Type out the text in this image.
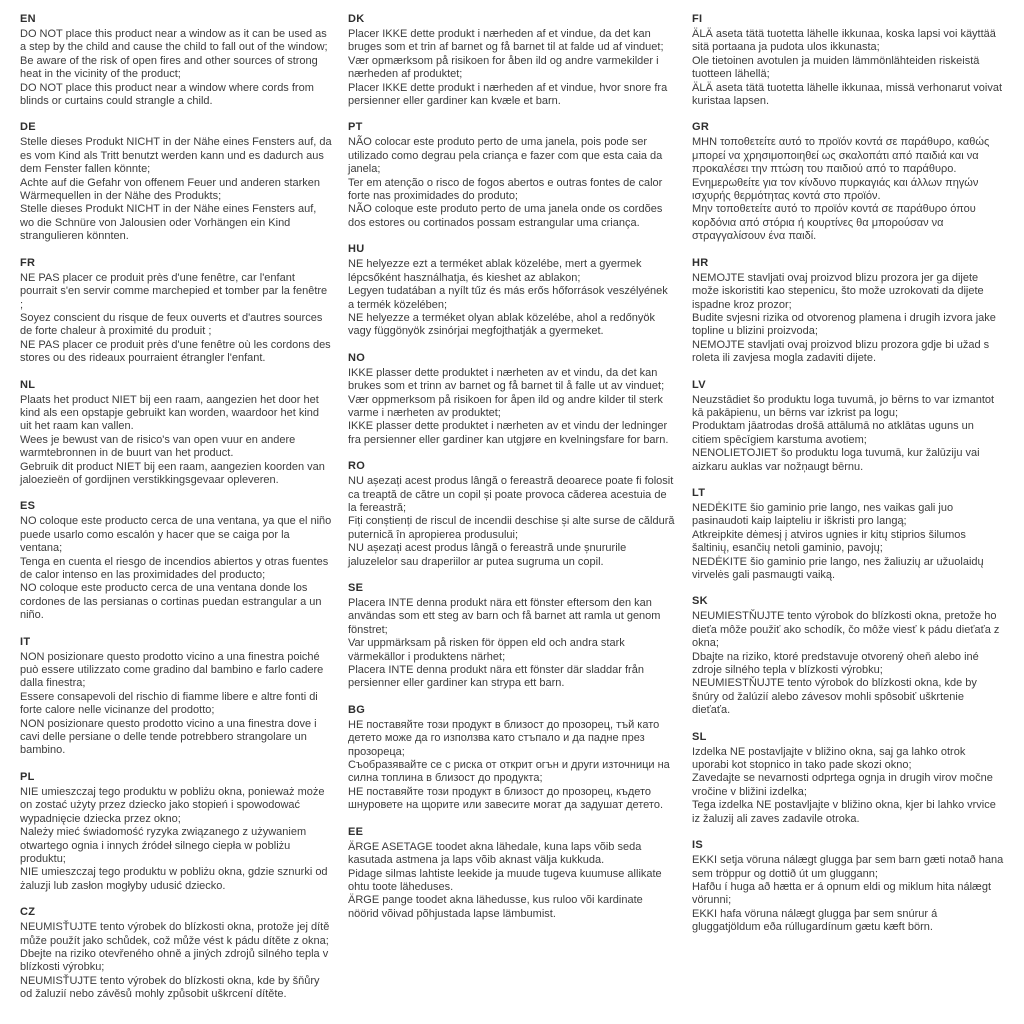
EN

DO NOT place this product near a window as it can be used as a step by the child and cause the child to fall out of the window;

Be aware of the risk of open fires and other sources of strong heat in the vicinity of the product;

DO NOT place this product near a window where cords from blinds or curtains could strangle a child.

DE

Stelle dieses Produkt NICHT in der Nähe eines Fensters auf, da es vom Kind als Tritt benutzt werden kann und es dadurch aus dem Fenster fallen könnte;

Achte auf die Gefahr von offenem Feuer und anderen starken Wärmequellen in der Nähe des Produkts;

Stelle dieses Produkt NICHT in der Nähe eines Fensters auf, wo die Schnüre von Jalousien oder Vorhängen ein Kind strangulieren könnten.

FR

NE PAS placer ce produit près d'une fenêtre, car l'enfant pourrait s'en servir comme marchepied et tomber par la fenêtre ;

Soyez conscient du risque de feux ouverts et d'autres sources de forte chaleur à proximité du produit ;

NE PAS placer ce produit près d'une fenêtre où les cordons des stores ou des rideaux pourraient étrangler l'enfant.

NL

Plaats het product NIET bij een raam, aangezien het door het kind als een opstapje gebruikt kan worden, waardoor het kind uit het raam kan vallen.

Wees je bewust van de risico's van open vuur en andere warmtebronnen in de buurt van het product.

Gebruik dit product NIET bij een raam, aangezien koorden van jaloezieën of gordijnen verstikkingsgevaar opleveren.

ES

NO coloque este producto cerca de una ventana, ya que el niño puede usarlo como escalón y hacer que se caiga por la ventana;

Tenga en cuenta el riesgo de incendios abiertos y otras fuentes de calor intenso en las proximidades del producto;

NO coloque este producto cerca de una ventana donde los cordones de las persianas o cortinas puedan estrangular a un niño.

IT

NON posizionare questo prodotto vicino a una finestra poiché può essere utilizzato come gradino dal bambino e farlo cadere dalla finestra;

Essere consapevoli del rischio di fiamme libere e altre fonti di forte calore nelle vicinanze del prodotto;

NON posizionare questo prodotto vicino a una finestra dove i cavi delle persiane o delle tende potrebbero strangolare un bambino.

PL

NIE umieszczaj tego produktu w pobliżu okna, ponieważ może on zostać użyty przez dziecko jako stopień i spowodować wypadnięcie dziecka przez okno;

Należy mieć świadomość ryzyka związanego z używaniem otwartego ognia i innych źródeł silnego ciepła w pobliżu produktu;

NIE umieszczaj tego produktu w pobliżu okna, gdzie sznurki od żaluzji lub zasłon mogłyby udusić dziecko.

CZ

NEUMISŤUJTE tento výrobek do blízkosti okna, protože jej dítě může použít jako schůdek, což může vést k pádu dítěte z okna;

Dbejte na riziko otevřeného ohně a jiných zdrojů silného tepla v blízkosti výrobku;

NEUMISŤUJTE tento výrobek do blízkosti okna, kde by šňůry od žaluzií nebo závěsů mohly způsobit uškrcení dítěte.

DK

Placer IKKE dette produkt i nærheden af et vindue, da det kan bruges som et trin af barnet og få barnet til at falde ud af vinduet;

Vær opmærksom på risikoen for åben ild og andre varmekilder i nærheden af produktet;

Placer IKKE dette produkt i nærheden af et vindue, hvor snore fra persienner eller gardiner kan kvæle et barn.

PT

NÃO colocar este produto perto de uma janela, pois pode ser utilizado como degrau pela criança e fazer com que esta caia da janela;

Ter em atenção o risco de fogos abertos e outras fontes de calor forte nas proximidades do produto;

NÃO coloque este produto perto de uma janela onde os cordões dos estores ou cortinados possam estrangular uma criança.

HU

NE helyezze ezt a terméket ablak közelébe, mert a gyermek lépcsőként használhatja, és kieshet az ablakon;

Legyen tudatában a nyílt tűz és más erős hőforrások veszélyének a termék közelében;

NE helyezze a terméket olyan ablak közelébe, ahol a redőnyök vagy függönyök zsinórjai megfojthatják a gyermeket.

NO

IKKE plasser dette produktet i nærheten av et vindu, da det kan brukes som et trinn av barnet og få barnet til å falle ut av vinduet;

Vær oppmerksom på risikoen for åpen ild og andre kilder til sterk varme i nærheten av produktet;

IKKE plasser dette produktet i nærheten av et vindu der ledninger fra persienner eller gardiner kan utgjøre en kvelningsfare for barn.

RO

NU așezați acest produs lângă o fereastră deoarece poate fi folosit ca treaptă de către un copil și poate provoca căderea acestuia de la fereastră;

Fiți conștienți de riscul de incendii deschise și alte surse de căldură puternică în apropierea produsului;

NU așezați acest produs lângă o fereastră unde șnururile jaluzelelor sau draperiilor ar putea sugruma un copil.

SE

Placera INTE denna produkt nära ett fönster eftersom den kan användas som ett steg av barn och få barnet att ramla ut genom fönstret;

Var uppmärksam på risken för öppen eld och andra stark värmekällor i produktens närhet;

Placera INTE denna produkt nära ett fönster där sladdar från persienner eller gardiner kan strypa ett barn.

BG

НЕ поставяйте този продукт в близост до прозорец, тъй като детето може да го използва като стъпало и да падне през прозореца;

Съобразявайте се с риска от открит огън и други източници на силна топлина в близост до продукта;

НЕ поставяйте този продукт в близост до прозорец, където шнуровете на щорите или завесите могат да задушат детето.

EE

ÄRGE ASETAGE toodet akna lähedale, kuna laps võib seda kasutada astmena ja laps võib aknast välja kukkuda.

Pidage silmas lahtiste leekide ja muude tugeva kuumuse allikate ohtu toote läheduses.

ÄRGE pange toodet akna lähedusse, kus ruloo või kardinate nöörid võivad põhjustada lapse lämbumist.

FI

ÄLÄ aseta tätä tuotetta lähelle ikkunaa, koska lapsi voi käyttää sitä portaana ja pudota ulos ikkunasta;

Ole tietoinen avotulen ja muiden lämmönlähteiden riskeistä tuotteen lähellä;

ÄLÄ aseta tätä tuotetta lähelle ikkunaa, missä verhonarut voivat kuristaa lapsen.

GR

ΜΗΝ τοποθετείτε αυτό το προϊόν κοντά σε παράθυρο, καθώς μπορεί να χρησιμοποιηθεί ως σκαλοπάτι από παιδιά και να προκαλέσει την πτώση του παιδιού από το παράθυρο.

Ενημερωθείτε για τον κίνδυνο πυρκαγιάς και άλλων πηγών ισχυρής θερμότητας κοντά στο προϊόν.

Μην τοποθετείτε αυτό το προϊόν κοντά σε παράθυρο όπου κορδόνια από στόρια ή κουρτίνες θα μπορούσαν να στραγγαλίσουν ένα παιδί.

HR

NEMOJTE stavljati ovaj proizvod blizu prozora jer ga dijete može iskoristiti kao stepenicu, što može uzrokovati da dijete ispadne kroz prozor;

Budite svjesni rizika od otvorenog plamena i drugih izvora jake topline u blizini proizvoda;

NEMOJTE stavljati ovaj proizvod blizu prozora gdje bi užad s roleta ili zavjesa mogla zadaviti dijete.

LV

Neuzstādiet šo produktu loga tuvumā, jo bērns to var izmantot kā pakāpienu, un bērns var izkrist pa logu;

Produktam jāatrodas drošā attālumā no atklātas uguns un citiem spēcīgiem karstuma avotiem;

NENOLIETOJIET šo produktu loga tuvumā, kur žalūziju vai aizkaru auklas var nožņaugt bērnu.

LT

NEDĖKITE šio gaminio prie lango, nes vaikas gali juo pasinaudoti kaip laipteliu ir iškristi pro langą;

Atkreipkite dėmesį į atviros ugnies ir kitų stiprios šilumos šaltinių, esančių netoli gaminio, pavojų;

NEDĖKITE šio gaminio prie lango, nes žaliuzių ar užuolaidų virvelės gali pasmaugti vaiką.

SK

NEUMIESTŇUJTE tento výrobok do blízkosti okna, pretože ho dieťa môže použiť ako schodík, čo môže viesť k pádu dieťaťa z okna;

Dbajte na riziko, ktoré predstavuje otvorený oheň alebo iné zdroje silného tepla v blízkosti výrobku;

NEUMIESTŇUJTE tento výrobok do blízkosti okna, kde by šnúry od žalúzií alebo závesov mohli spôsobiť uškrtenie dieťaťa.

SL

Izdelka NE postavljajte v bližino okna, saj ga lahko otrok uporabi kot stopnico in tako pade skozi okno;

Zavedajte se nevarnosti odprtega ognja in drugih virov močne vročine v bližini izdelka;

Tega izdelka NE postavljajte v bližino okna, kjer bi lahko vrvice iz žaluzij ali zaves zadavile otroka.

IS

EKKI setja vöruna nálægt glugga þar sem barn gæti notað hana sem tröppur og dottið út um gluggann;

Hafðu í huga að hætta er á opnum eldi og miklum hita nálægt vörunni;

EKKI hafa vöruna nálægt glugga þar sem snúrur á gluggatjöldum eða rúllugardínum gætu kæft börn.
